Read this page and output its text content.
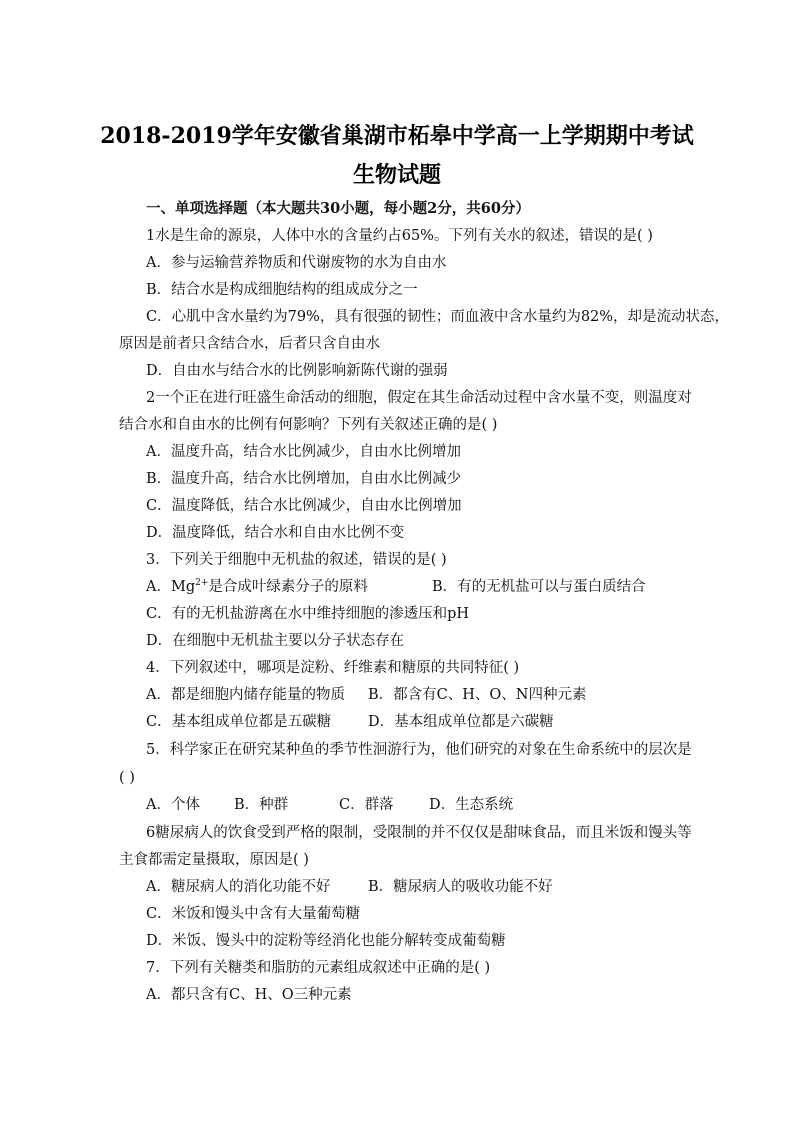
2018-2019学年安徽省巢湖市柘皋中学高一上学期期中考试
生物试题
一、单项选择题（本大题共30小题，每小题2分，共60分）
1水是生命的源泉，人体中水的含量约占65%。下列有关水的叙述，错误的是( )
A．参与运输营养物质和代谢废物的水为自由水
B．结合水是构成细胞结构的组成成分之一
C．心肌中含水量约为79%，具有很强的韧性；而血液中含水量约为82%，却是流动状态，
原因是前者只含结合水，后者只含自由水
D．自由水与结合水的比例影响新陈代谢的强弱
2一个正在进行旺盛生命活动的细胞，假定在其生命活动过程中含水量不变，则温度对
结合水和自由水的比例有何影响？下列有关叙述正确的是( )
A．温度升高，结合水比例减少，自由水比例增加
B．温度升高，结合水比例增加，自由水比例减少
C．温度降低，结合水比例减少，自由水比例增加
D．温度降低，结合水和自由水比例不变
3．下列关于细胞中无机盐的叙述，错误的是( )
A．$Mg^{2+}$是合成叶绿素分子的原料	B．有的无机盐可以与蛋白质结合
C．有的无机盐游离在水中维持细胞的渗透压和pH
D．在细胞中无机盐主要以分子状态存在
4．下列叙述中，哪项是淀粉、纤维素和糖原的共同特征( )
A．都是细胞内储存能量的物质	B．都含有C、H、O、N四种元素
C．基本组成单位都是五碳糖	D．基本组成单位都是六碳糖
5．科学家正在研究某种鱼的季节性洄游行为，他们研究的对象在生命系统中的层次是
( )
A．个体	B．种群	C．群落	D．生态系统
6糖尿病人的饮食受到严格的限制，受限制的并不仅仅是甜味食品，而且米饭和馒头等
主食都需定量摄取，原因是( )
A．糖尿病人的消化功能不好	B．糖尿病人的吸收功能不好
C．米饭和馒头中含有大量葡萄糖
D．米饭、馒头中的淀粉等经消化也能分解转变成葡萄糖
7．下列有关糖类和脂肪的元素组成叙述中正确的是( )
A．都只含有C、H、O三种元素
